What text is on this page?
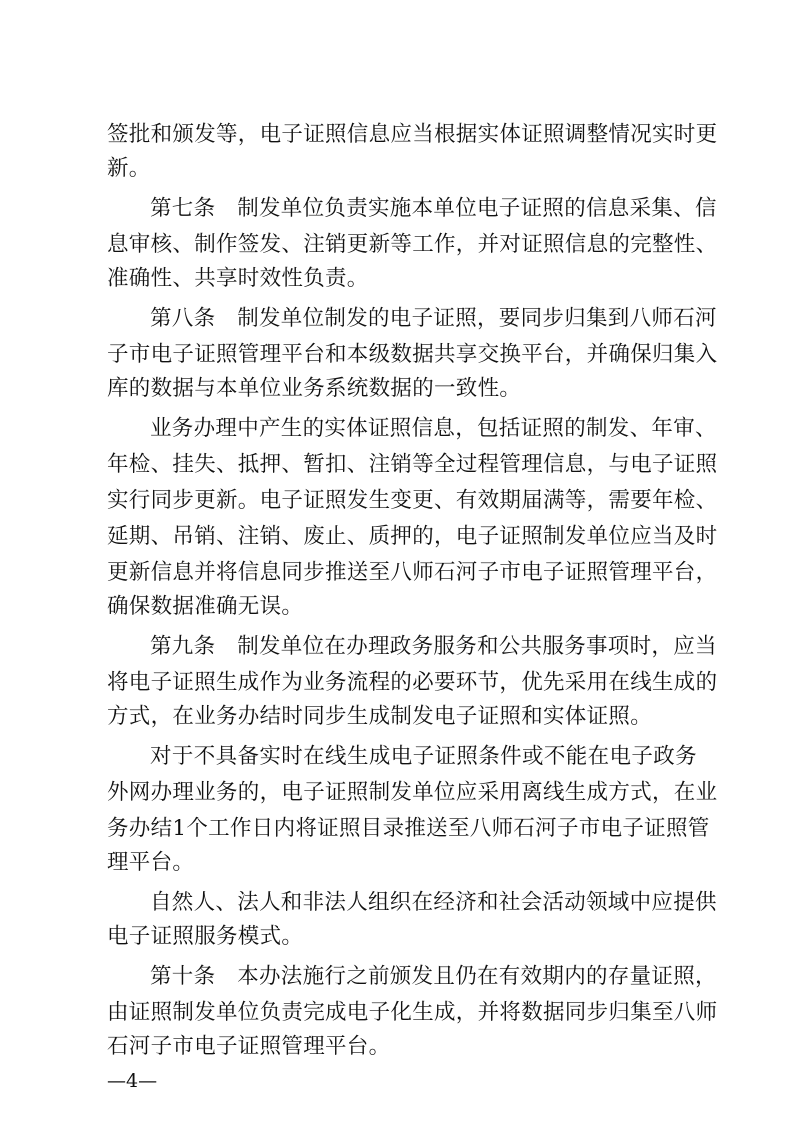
签批和颁发等，电子证照信息应当根据实体证照调整情况实时更
新。
第七条　制发单位负责实施本单位电子证照的信息采集、信
息审核、制作签发、注销更新等工作，并对证照信息的完整性、
准确性、共享时效性负责。
第八条　制发单位制发的电子证照，要同步归集到八师石河
子市电子证照管理平台和本级数据共享交换平台，并确保归集入
库的数据与本单位业务系统数据的一致性。
业务办理中产生的实体证照信息，包括证照的制发、年审、
年检、挂失、抵押、暂扣、注销等全过程管理信息，与电子证照
实行同步更新。电子证照发生变更、有效期届满等，需要年检、
延期、吊销、注销、废止、质押的，电子证照制发单位应当及时
更新信息并将信息同步推送至八师石河子市电子证照管理平台，
确保数据准确无误。
第九条　制发单位在办理政务服务和公共服务事项时，应当
将电子证照生成作为业务流程的必要环节，优先采用在线生成的
方式，在业务办结时同步生成制发电子证照和实体证照。
对于不具备实时在线生成电子证照条件或不能在电子政务
外网办理业务的，电子证照制发单位应采用离线生成方式，在业
务办结1个工作日内将证照目录推送至八师石河子市电子证照管
理平台。
自然人、法人和非法人组织在经济和社会活动领域中应提供
电子证照服务模式。
第十条　本办法施行之前颁发且仍在有效期内的存量证照，
由证照制发单位负责完成电子化生成，并将数据同步归集至八师
石河子市电子证照管理平台。
—4—
